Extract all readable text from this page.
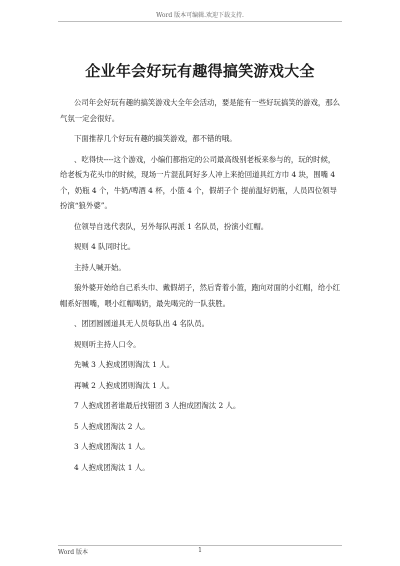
Word 版本可编辑.欢迎下载支持.
企业年会好玩有趣得搞笑游戏大全

公司年会好玩有趣的搞笑游戏大全年会活动，要是能有一些好玩搞笑的游戏，那么气氛一定会很好。

下面推荐几个好玩有趣的搞笑游戏，都不错的哦。

、吃得快----这个游戏，小编们都指定的公司最高级别老板来参与的，玩的时候，给老板为花头巾的时候，现场一片混乱阿好多人冲上来抢回道具红方巾 4 块，围嘴 4 个，奶瓶 4 个，牛奶/啤酒 4 杯，小篮 4 个，假胡子个 提前温好奶瓶，人员四位领导扮演“狼外婆”。

位领导自选代表队，另外每队再派 1 名队员，扮演小红帽。

规则 4 队同时比。

主持人喊开始。

狼外婆开始给自己系头巾、戴假胡子，然后背着小篮，跑向对面的小红帽，给小红帽系好围嘴，喂小红帽喝奶，最先喝完的一队获胜。

、团团圆圆道具无人员每队出 4 名队员。

规则听主持人口令。

先喊 3 人抱成团则淘汰 1 人。

再喊 2 人抱成团则淘汰 1 人。

7 人抱成团者谁最后找错团 3 人抱成团淘汰 2 人。

5 人抱成团淘汰 2 人。

3 人抱成团淘汰 1 人。

4 人抱成团淘汰 1 人。

Word 版本	1
